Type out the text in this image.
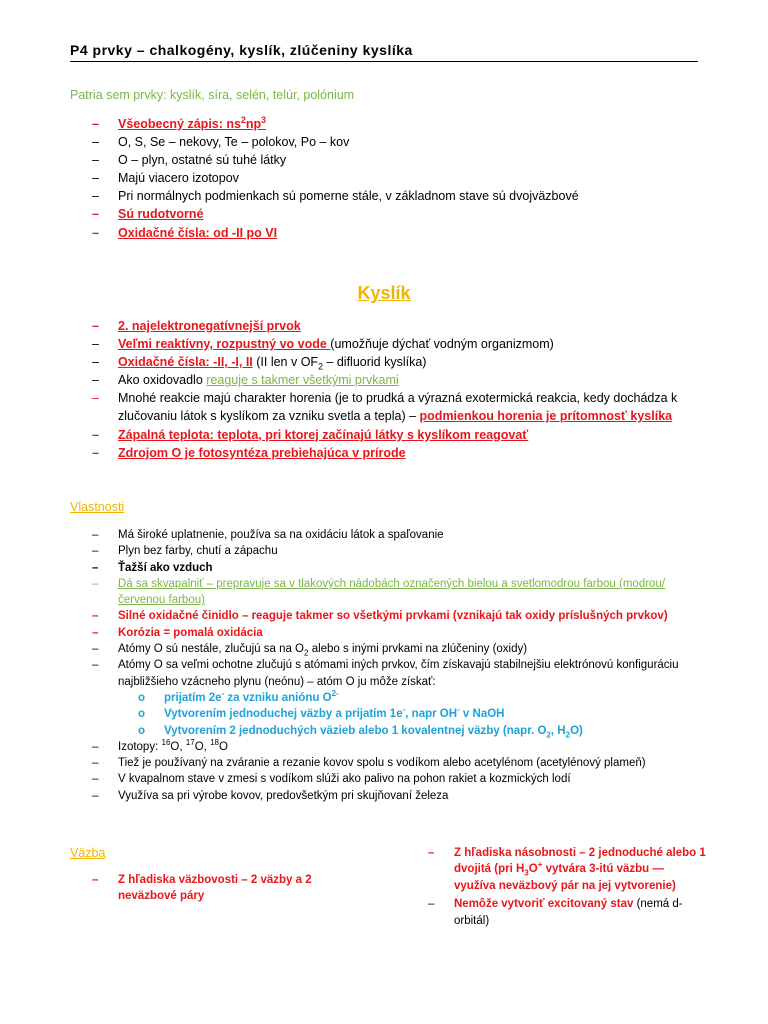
P4 prvky – chalkogény, kyslík, zlúčeniny kyslíka
Patria sem prvky: kyslík, síra, selén, telúr, polónium
– Všeobecný zápis: $ns^2np^3$
– O, S, Se – nekovy, Te – polokov, Po – kov
– O – plyn, ostatné sú tuhé látky
– Majú viacero izotopov
– Pri normálnych podmienkach sú pomerne stále, v základnom stave sú dvojväzbové
– Sú rudotvorné
– Oxidačné čísla: od -II po VI
Kyslík
– 2. najelektronegatívnejší prvok
– Veľmi reaktívny, rozpustný vo vode (umožňuje dýchať vodným organizmom)
– Oxidačné čísla: -II, -I, II (II len v $OF_2$ – difluorid kyslíka)
– Ako oxidovadlo reaguje s takmer všetkými prvkami
– Mnohé reakcie majú charakter horenia (je to prudká a výrazná exotermická reakcia, kedy dochádza k zlučovaniu látok s kyslíkom za vzniku svetla a tepla) – podmienkou horenia je prítomnosť kyslíka
– Zápalná teplota: teplota, pri ktorej začínajú látky s kyslíkom reagovať
– Zdrojom O je fotosyntéza prebiehajúca v prírode
Vlastnosti
– Má široké uplatnenie, používa sa na oxidáciu látok a spaľovanie
– Plyn bez farby, chutí a zápachu
– Ťažší ako vzduch
– Dá sa skvapalniť – prepravuje sa v tlakových nádobách označených bielou a svetlomodrou farbou (modrou/červenou farbou)
– Silné oxidačné činidlo – reaguje takmer so všetkými prvkami (vznikajú tak oxidy príslušných prvkov)
– Korózia = pomalá oxidácia
– Atómy O sú nestále, zlučujú sa na $O_2$ alebo s inými prvkami na zlúčeniny (oxidy)
– Atómy O sa veľmi ochotne zlučujú s atómami iných prvkov, čím získavajú stabilnejšiu elektrónovú konfiguráciu najbližšieho vzácneho plynu (neónu) – atóm O ju môže získať:
o prijatím 2e- za vzniku aniónu $O^{2-}$
o Vytvorením jednoduchej väzby a prijatím 1e-, napr OH- v NaOH
o Vytvorením 2 jednoduchých väzieb alebo 1 kovalentnej väzby (napr. $O_2$, $H_2O$)
– Izotopy: $^{16}$O, $^{17}$O, $^{18}$O
– Tiež je používaný na zváranie a rezanie kovov spolu s vodíkom alebo acetylénom (acetylénový plameň)
– V kvapalnom stave v zmesi s vodíkom slúži ako palivo na pohon rakiet a kozmických lodí
– Využíva sa pri výrobe kovov, predovšetkým pri skujňovaní železa
Väzba
– Z hľadiska väzbovosti – 2 väzby a 2 neväzbové páry
– Z hľadiska násobnosti – 2 jednoduché alebo 1 dvojitá (pri $H_3O^+$ vytvára 3-itú väzbu — využíva neväzbový pár na jej vytvorenie)
– Nemôže vytvoriť excitovaný stav (nemá d-orbitál)
